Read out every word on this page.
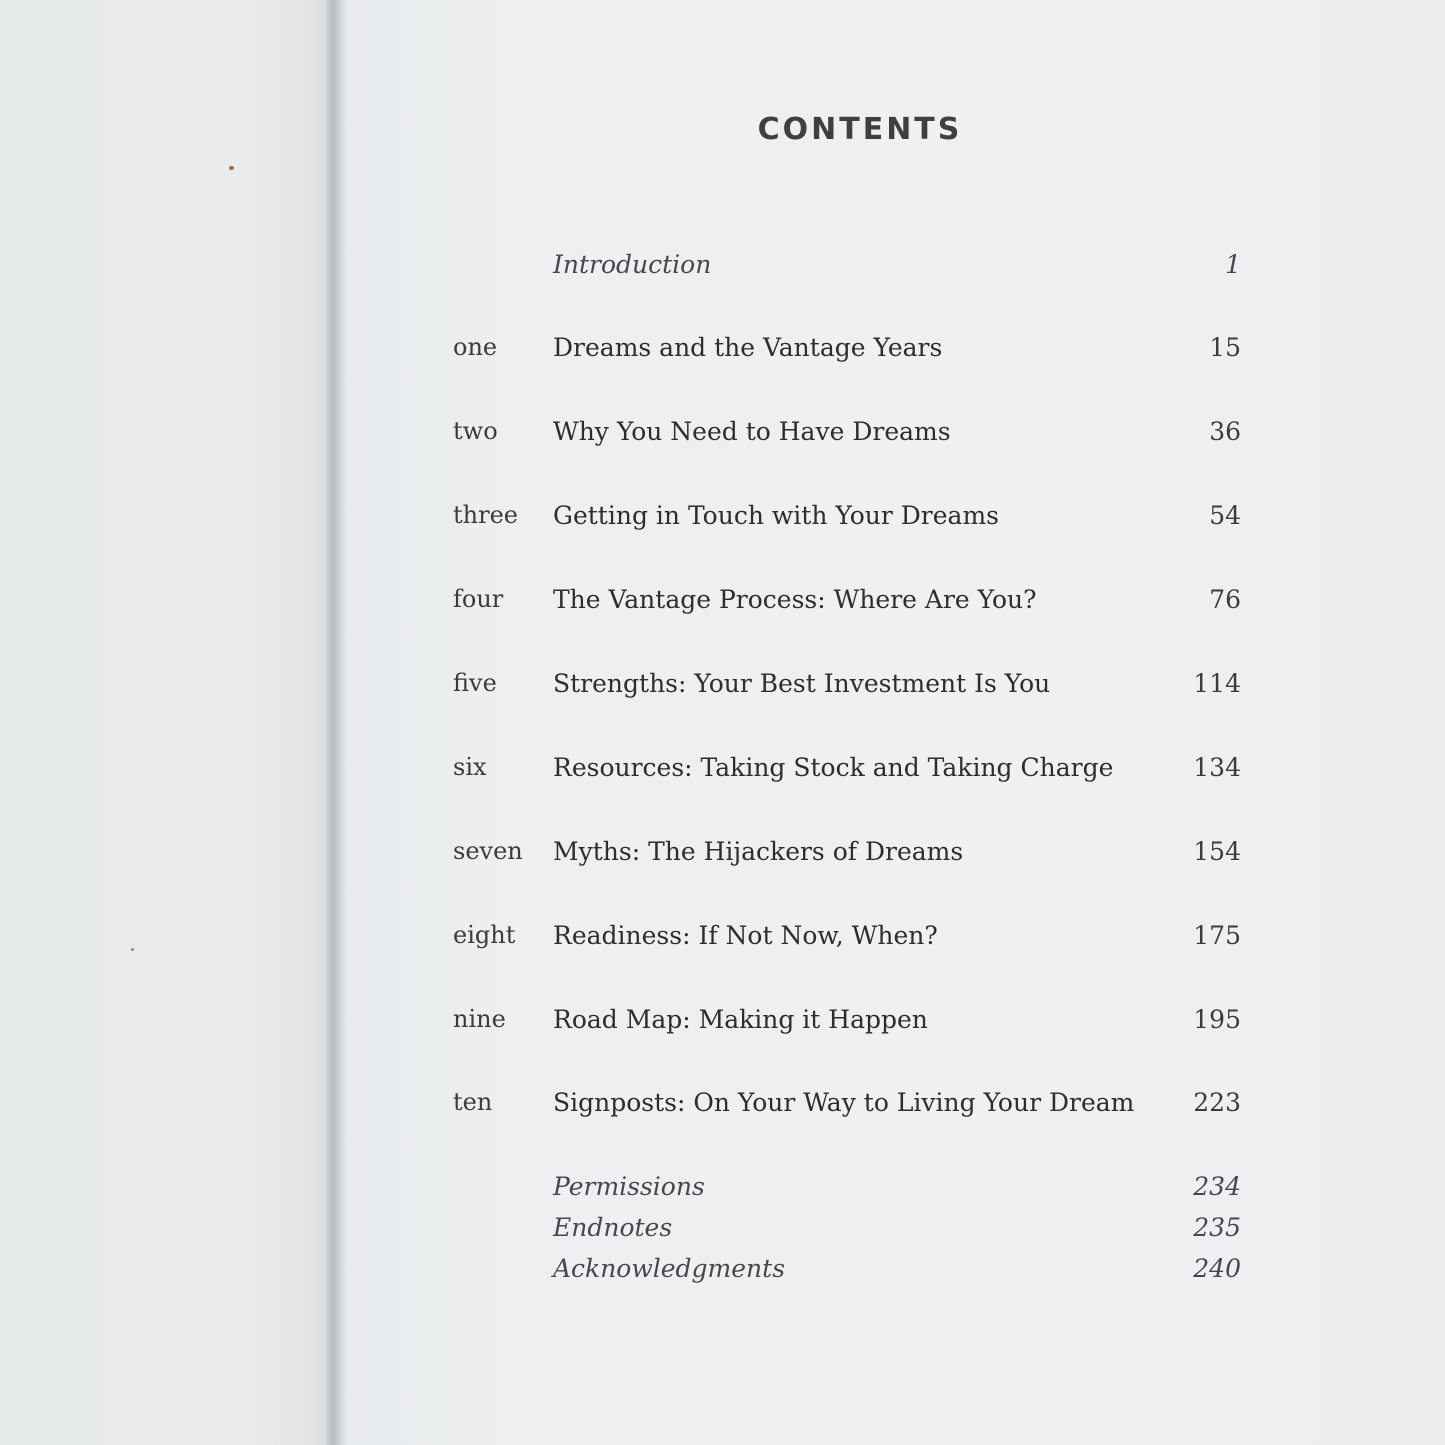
CONTENTS
Introduction	1
one Dreams and the Vantage Years	15
two Why You Need to Have Dreams	36
three Getting in Touch with Your Dreams	54
four The Vantage Process: Where Are You?	76
five Strengths: Your Best Investment Is You	114
six	Resources: Taking Stock and Taking Charge	134
seven Myths: The Hijackers of Dreams	154
eight Readiness: If Not Now, When?	175
nine Road Map: Making it Happen	195
ten Signposts: On Your Way to Living Your Dream 223
Permissions	234
Endnotes	235
Acknowledgments	240
